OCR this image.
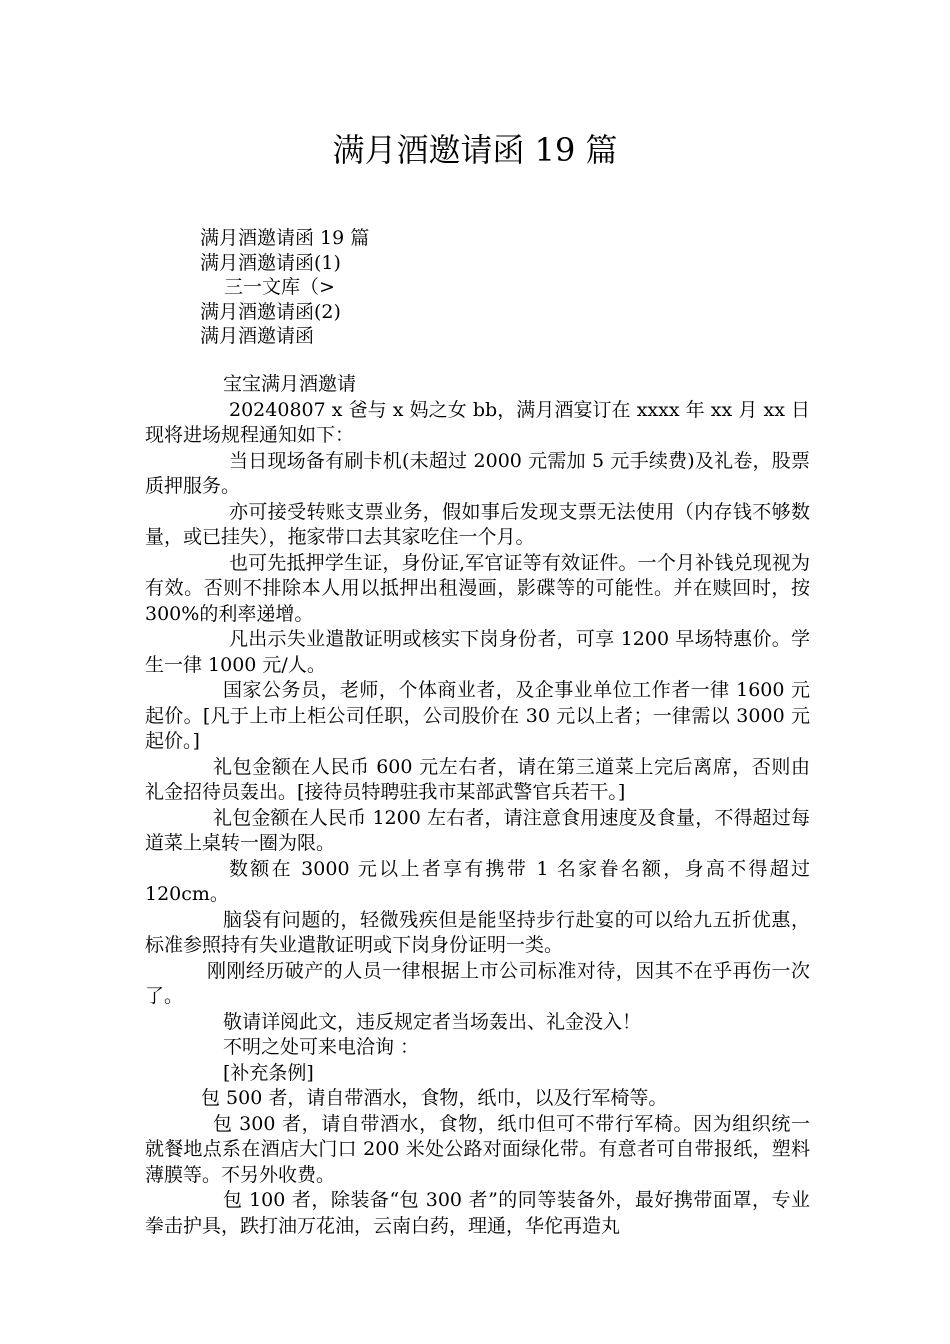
满月酒邀请函 19 篇
满月酒邀请函 19 篇
满月酒邀请函(1)
三一文库（>
满月酒邀请函(2)
满月酒邀请函

宝宝满月酒邀请

20240807 x 爸与 x 妈之女 bb，满月酒宴订在 xxxx 年 xx 月 xx 日现将进场规程通知如下：

当日现场备有刷卡机(未超过 2000 元需加 5 元手续费)及礼卷，股票质押服务。

亦可接受转账支票业务，假如事后发现支票无法使用（内存钱不够数量，或已挂失），拖家带口去其家吃住一个月。

也可先抵押学生证，身份证,军官证等有效证件。一个月补钱兑现视为有效。否则不排除本人用以抵押出租漫画，影碟等的可能性。并在赎回时，按 300%的利率递增。

凡出示失业遣散证明或核实下岗身份者，可享 1200 早场特惠价。学生一律 1000 元/人。

国家公务员，老师，个体商业者，及企事业单位工作者一律 1600 元起价。[凡于上市上柜公司任职，公司股价在 30 元以上者；一律需以 3000 元起价。]

礼包金额在人民币 600 元左右者，请在第三道菜上完后离席，否则由礼金招待员轰出。[接待员特聘驻我市某部武警官兵若干。]

礼包金额在人民币 1200 左右者，请注意食用速度及食量，不得超过每道菜上桌转一圈为限。

数额在 3000 元以上者享有携带 1 名家眷名额，身高不得超过 120cm。

脑袋有问题的，轻微残疾但是能坚持步行赴宴的可以给九五折优惠，标准参照持有失业遣散证明或下岗身份证明一类。

刚刚经历破产的人员一律根据上市公司标准对待，因其不在乎再伤一次了。

敬请详阅此文，违反规定者当场轰出、礼金没入！

不明之处可来电洽询 ：

[补充条例]

包 500 者，请自带酒水，食物，纸巾，以及行军椅等。

包 300 者，请自带酒水，食物，纸巾但可不带行军椅。因为组织统一就餐地点系在酒店大门口 200 米处公路对面绿化带。有意者可自带报纸，塑料薄膜等。不另外收费。

包 100 者，除装备“包 300 者”的同等装备外，最好携带面罩，专业拳击护具，跌打油万花油，云南白药，理通，华佗再造丸
